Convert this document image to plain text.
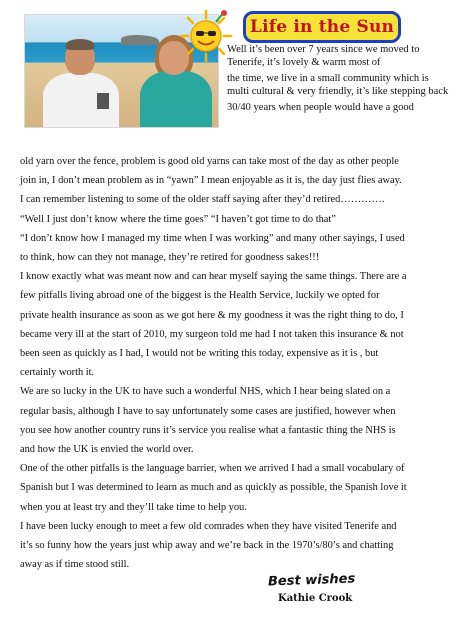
Life in the Sun

Well it’s been over 7 years since we moved to Tenerife, it’s lovely & warm most of

the time, we live in a small community which is multi cultural & very friendly, it’s like stepping back

30/40 years when people would have a good

old yarn over the fence, problem is good old yarns can take most of the day as other people
join in, I don’t mean problem as in “yawn” I mean enjoyable as it is, the day just flies away.
I can remember listening to some of the older staff saying after they’d retired………….
“Well I just don’t know where the time goes” “I haven’t got time to do that”
“I don’t know how I managed my time when I was working” and many other sayings, I used
to think, how can they not manage, they’re retired for goodness sakes!!!
I know exactly what was meant now and can hear myself saying the same things. There are a
few pitfalls living abroad one of the biggest is the Health Service, luckily we opted for
private health insurance as soon as we got here & my goodness it was the right thing to do, I
became very ill at the start of 2010, my surgeon told me had I not taken this insurance & not
been seen as quickly as I had, I would not be writing this today, expensive as it is , but
certainly worth it.
We are so lucky in the UK to have such a wonderful NHS, which I hear being slated on a
regular basis, although I have to say unfortunately some cases are justified, however when
you see how another country runs it’s service you realise what a fantastic thing the NHS is
and how the UK is envied the world over.
One of the other pitfalls is the language barrier, when we arrived I had a small vocabulary of
Spanish but I was determined to learn as much and as quickly as possible, the Spanish love it
when you at least try and they’ll take time to help you.
I have been lucky enough to meet a few old comrades when they have visited Tenerife and
it’s so funny how the years just whip away and we’re back in the 1970’s/80’s and chatting
away as if time stood still.
Best wishes
Kathie Crook
